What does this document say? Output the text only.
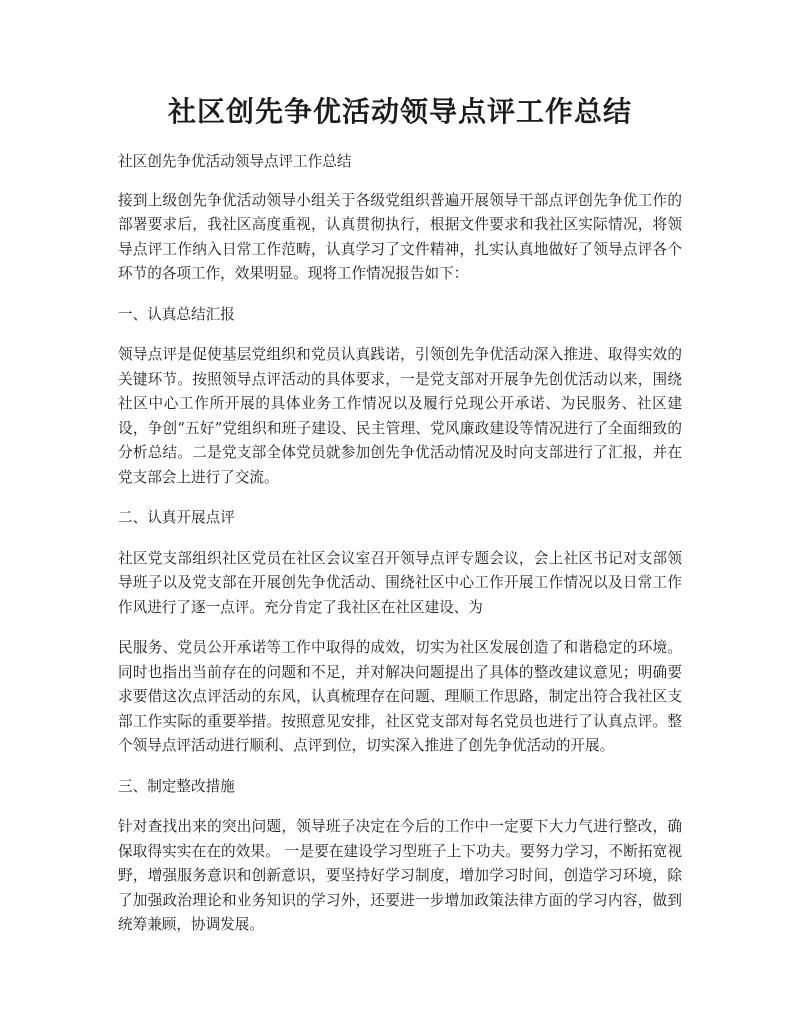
社区创先争优活动领导点评工作总结

社区创先争优活动领导点评工作总结

接到上级创先争优活动领导小组关于各级党组织普遍开展领导干部点评创先争优工作的部署要求后，我社区高度重视，认真贯彻执行，根据文件要求和我社区实际情况，将领导点评工作纳入日常工作范畴，认真学习了文件精神，扎实认真地做好了领导点评各个环节的各项工作，效果明显。现将工作情况报告如下：

一、认真总结汇报

领导点评是促使基层党组织和党员认真践诺，引领创先争优活动深入推进、取得实效的关键环节。按照领导点评活动的具体要求，一是党支部对开展争先创优活动以来，围绕社区中心工作所开展的具体业务工作情况以及履行兑现公开承诺、为民服务、社区建设，争创“五好”党组织和班子建设、民主管理、党风廉政建设等情况进行了全面细致的分析总结。二是党支部全体党员就参加创先争优活动情况及时向支部进行了汇报，并在党支部会上进行了交流。

二、认真开展点评

社区党支部组织社区党员在社区会议室召开领导点评专题会议，会上社区书记对支部领导班子以及党支部在开展创先争优活动、围绕社区中心工作开展工作情况以及日常工作作风进行了逐一点评。充分肯定了我社区在社区建设、为

民服务、党员公开承诺等工作中取得的成效，切实为社区发展创造了和谐稳定的环境。同时也指出当前存在的问题和不足，并对解决问题提出了具体的整改建议意见；明确要求要借这次点评活动的东风，认真梳理存在问题、理顺工作思路，制定出符合我社区支部工作实际的重要举措。按照意见安排，社区党支部对每名党员也进行了认真点评。整个领导点评活动进行顺利、点评到位，切实深入推进了创先争优活动的开展。

三、制定整改措施

针对查找出来的突出问题，领导班子决定在今后的工作中一定要下大力气进行整改，确保取得实实在在的效果。 一是要在建设学习型班子上下功夫。要努力学习，不断拓宽视野，增强服务意识和创新意识，要坚持好学习制度，增加学习时间，创造学习环境，除了加强政治理论和业务知识的学习外，还要进一步增加政策法律方面的学习内容，做到统筹兼顾，协调发展。
